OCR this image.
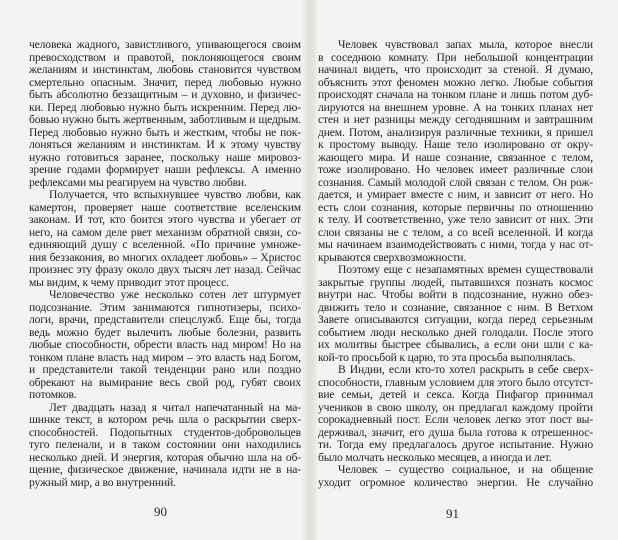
человека жадного, завистливого, упивающегося своим
превосходством и правотой, поклоняющегося своим
желаниям и инстинктам, любовь становится чувством
смертельно опасным. Значит, перед любовью нужно
быть абсолютно беззащитным – и духовно, и физичес-
ки. Перед любовью нужно быть искренним. Перед лю-
бовью нужно быть жертвенным, заботливым и щедрым.
Перед любовью нужно быть и жестким, чтобы не пок-
лоняться желаниям и инстинктам. И к этому чувству
нужно готовиться заранее, поскольку наше мировоз-
зрение годами формирует наши рефлексы. А именно
рефлексами мы реагируем на чувство любви.
Получается, что вспыхнувшее чувство любви, как
камертон, проверяет наше соответствие вселенским
законам. И тот, кто боится этого чувства и убегает от
него, на самом деле рвет механизм обратной связи, со-
единяющий душу с вселенной. «По причине умноже-
ния беззакония, во многих охладеет любовь» – Христос
произнес эту фразу около двух тысяч лет назад. Сейчас
мы видим, к чему приводит этот процесс.
Человечество уже несколько сотен лет штурмует
подсознание. Этим занимаются гипнотизеры, психо-
логи, врачи, представители спецслужб. Еще бы, тогда
ведь можно будет вылечить любые болезни, развить
любые способности, обрести власть над миром! Но на
тонком плане власть над миром – это власть над Богом,
и представители такой тенденции рано или поздно
обрекают на вымирание весь свой род, губят своих
потомков.
Лет двадцать назад я читал напечатанный на ма-
шинке текст, в котором речь шла о раскрытии сверх-
способностей. Подопытных студентов-добровольцев
туго пеленали, и в таком состоянии они находились
несколько дней. И энергия, которая обычно шла на об-
щение, физическое движение, начинала идти не в на-
ружный мир, а во внутренний.
Человек чувствовал запах мыла, которое внесли
в соседнюю комнату. При небольшой концентрации
начинал видеть, что происходит за стеной. Я думаю,
объяснить этот феномен можно легко. Любые события
происходят сначала на тонком плане и лишь потом дуб-
лируются на внешнем уровне. А на тонких планах нет
стен и нет разницы между сегодняшним и завтрашним
днем. Потом, анализируя различные техники, я пришел
к простому выводу. Наше тело изолировано от окру-
жающего мира. И наше сознание, связанное с телом,
тоже изолировано. Но человек имеет различные слои
сознания. Самый молодой слой связан с телом. Он рож-
дается, и умирает вместе с ним, и зависит от него. Но
есть слои сознания, которые первичны по отношению
к телу. И соответственно, уже тело зависит от них. Эти
слои связаны не с телом, а со всей вселенной. И когда
мы начинаем взаимодействовать с ними, тогда у нас от-
крываются сверхвозможности.
Поэтому еще с незапамятных времен существовали
закрытые группы людей, пытавшихся познать космос
внутри нас. Чтобы войти в подсознание, нужно обез-
движить тело и сознание, связанное с ним. В Ветхом
Завете описываются ситуации, когда перед серьезным
событием люди несколько дней голодали. После этого
их молитвы быстрее сбывались, а если они шли с ка-
кой-то просьбой к царю, то эта просьба выполнялась.
В Индии, если кто-то хотел раскрыть в себе сверх-
способности, главным условием для этого было отсутст-
вие семьи, детей и секса. Когда Пифагор принимал
учеников в свою школу, он предлагал каждому пройти
сорокадневный пост. Если человек легко этот пост вы-
держивал, значит, его душа была готова к отрешеннос-
ти. Тогда ему предлагалось другое испытание. Нужно
было молчать несколько месяцев, а иногда и лет.
Человек – существо социальное, и на общение
уходит огромное количество энергии. Не случайно
90	91
